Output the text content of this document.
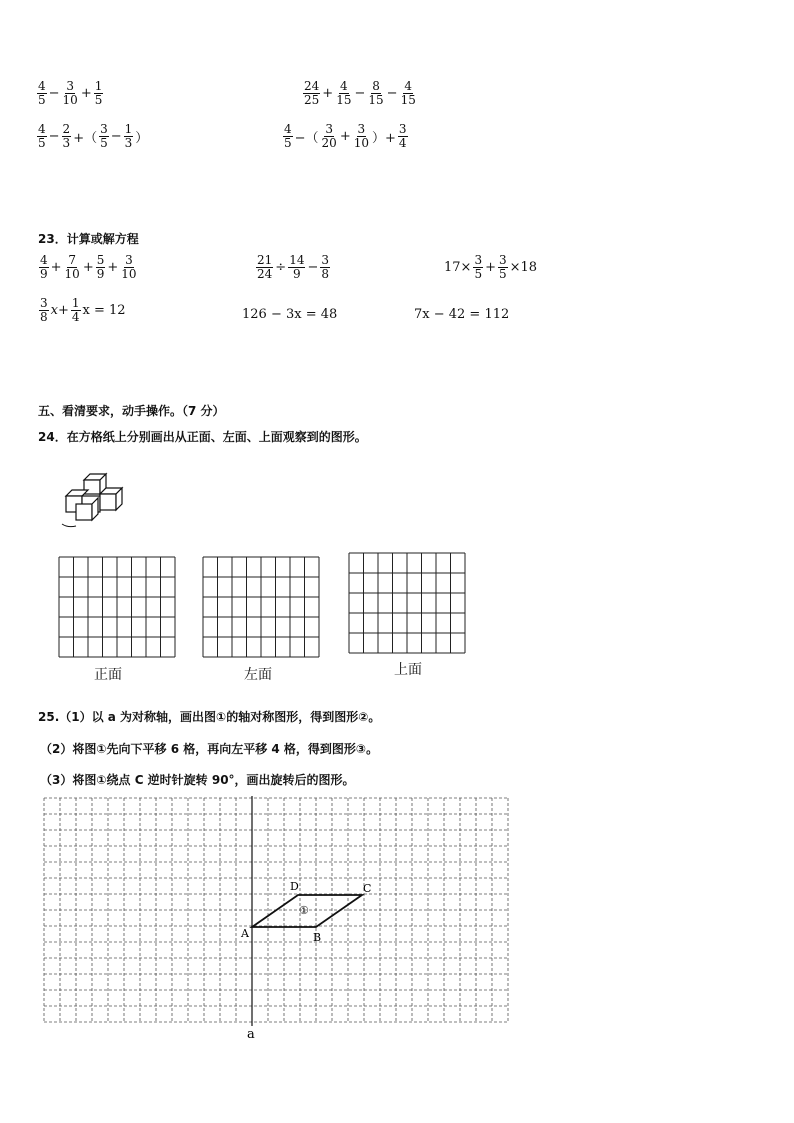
$\frac{4}{5} - \frac{3}{10} + \frac{1}{5}$	$\frac{24}{25} + \frac{4}{15} - \frac{8}{15} - \frac{4}{15}$
$\frac{4}{5} - \frac{2}{3}$ +（ $\frac{3}{5} - \frac{1}{3}$ ）	$\frac{4}{5}$ −（ $\frac{3}{20} + \frac{3}{10}$ ）+ $\frac{3}{4}$
23．计算或解方程
$\frac{4}{9} + \frac{7}{10} + \frac{5}{9} + \frac{3}{10}$	$\frac{21}{24} \div \frac{14}{9} - \frac{3}{8}$	$17\times \frac{3}{5} + \frac{3}{5} \times 18$
$\frac{3}{8} x+ \frac{1}{4}$ x = 12	126 − 3x = 48	7x − 42 = 112
五、看清要求，动手操作。（7 分）
24．在方格纸上分别画出从正面、左面、上面观察到的图形。
正面	左面	上面
25.（1）以 a 为对称轴，画出图①的轴对称图形，得到图形②。
（2）将图①先向下平移 6 格，再向左平移 4 格，得到图形③。
（3）将图①绕点 C 逆时针旋转 90°，画出旋转后的图形。
A	B
C
D
①
a
